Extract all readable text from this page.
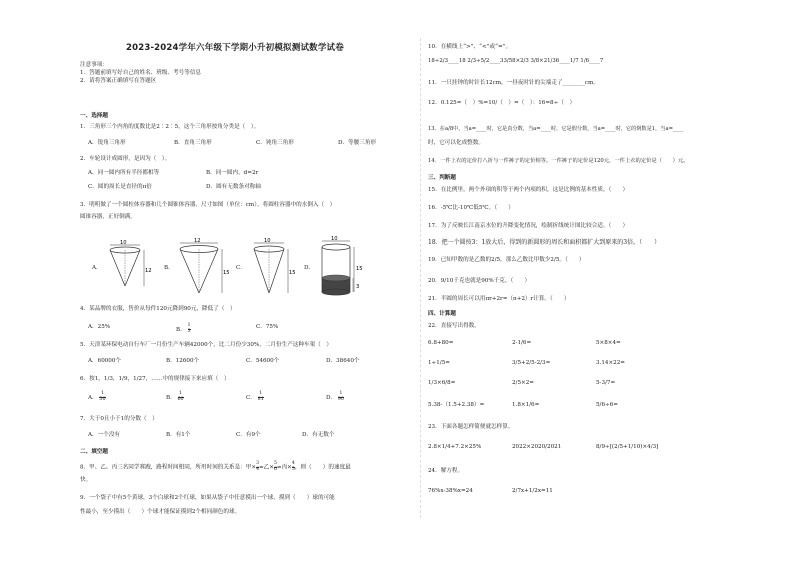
2023-2024学年六年级下学期小升初模拟测试数学试卷
注意事项：
1．答题前填写好自己的姓名、班级、考号等信息
2．请将答案正确填写在答题区
一、选择题
1．三角形三个内角的度数比是2∶2∶5，这个三角形按角分类是（　）。
A．锐角三角形	B．直角三角形	C．钝角三角形	D．等腰三角形
2．车轮设计成圆形，是因为（　）。
A．同一圆内所有半径都相等	B．同一圆内，d=2r
C．圆的周长是直径的π倍	D．圆有无数条对称轴
3．明明做了一个圆柱体容器和几个圆锥体容器，尺寸如图（单位：cm）。将圆柱容器中的水倒入（　）
圆锥容器，正好倒满。
A．
10
12 B．
12
15
C．
10
15
D．
10
15
3
4．某品牌的衣服，售价从每件120元降到90元，降低了（　）
A．25%	B． $\frac{1}{3}$	C．75%
5．天津某环保电动自行车厂一月份生产车辆42000个，比二月份少30%，二月份生产这种车架（　）
A．60000个	B．12600个	C．54600个	D．38640个
6．按1，1/3，1/9，1/27，……中的规律接下来应填（　）
A． $\frac{1}{30}$	B． $\frac{1}{60}$	C． $\frac{1}{81}$	D． $\frac{1}{90}$
7．大于0且小于1的分数（　）
A．一个没有	B．有1个	C．有9个	D．有无数个
二、填空题
8．甲、乙、丙三名同学赛跑，路程时间相同，所用时间的关系是：甲× $\frac{3}{4}$ =乙× $\frac{5}{6}$ =丙× $\frac{4}{5}$ ，则（　　）的速度最
快。
9．一个袋子中有5个黄球，3个白球和2个红球，如果从袋子中任意摸出一个球，摸到（　　）球的可能
性最小，至少摸出（　　）个球才能保证摸到2个相同颜色的球。
10．在横线上“>”、“<”或“=”。
18÷2/3____18 2/3÷5/2____33/58×2/3 3/8×21/36____1/7 1/6____7
11．一只挂钟的时针长12cm，一昼夜时针的尖端走了________cm。
12．0.125=（　）%=10/（　）=（　）：16=8÷（　）
13．在a/8中，当a=____时，它是真分数，当a=____时，它是假分数，当a=____时，它的倒数是1，当a=____
时，它可以化成整数。
14．一件上衣的定价打八折与一件裤子的定价相等。一件裤子的定价是120元，一件上衣的定价是（　　）元。
三、判断题
15．在比例里，两个外项的积等于两个内项的积，这是比例的基本性质。（　　）
16．-5℃比-10℃低5℃。（　　）
17．为了反映长江南京水位的升降变化情况，绘制折线统计图比较合适。（　　）
18．把一个圆按3：1放大后，得到的新圆形的周长和面积都扩大到原来的3倍。（　　）
19．已知甲数的是乙数的2/5，那么乙数比甲数少2/5。（　　）
20．9/10千克也就是90%千克。（　　）
21．半圆的周长可以用πr+2r=（π+2）r计算。（　　）
四、计算题
22．直接写出得数。
6.8+80=	2-1/6=	5×8×4=
1÷1/5=	3/5+2/5-2/3=	3.14×22=
1/3×6/8=	2/5×2=	5-3/7=
5.38-（1.5+2.38）=	1.8×1/6=	5/6÷6=
23．下面各题怎样简便就怎样算。
2.8×1/4+7.2×25%	2022×2020/2021	8/9÷[(2/5+1/10)×4/3]
24．解方程。
76%x-38%x=24	2/7x+1/2x=11
